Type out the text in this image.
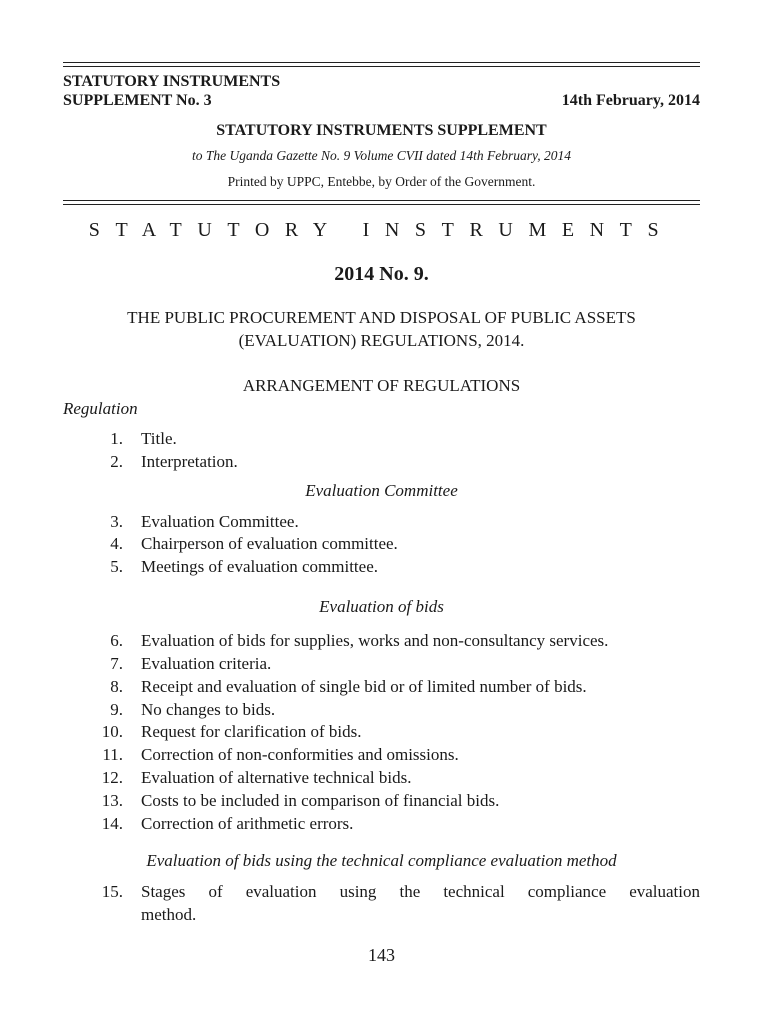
STATUTORY INSTRUMENTS
SUPPLEMENT No. 3	14th February, 2014
STATUTORY INSTRUMENTS SUPPLEMENT
to The Uganda Gazette No. 9 Volume CVII dated 14th February, 2014
Printed by UPPC, Entebbe, by Order of the Government.
STATUTORY INSTRUMENTS
2014 No. 9.
THE PUBLIC PROCUREMENT AND DISPOSAL OF PUBLIC ASSETS
(EVALUATION) REGULATIONS, 2014.
ARRANGEMENT OF REGULATIONS
Regulation
1. Title.
2. Interpretation.
Evaluation Committee
3. Evaluation Committee.
4. Chairperson of evaluation committee.
5. Meetings of evaluation committee.
Evaluation of bids
6. Evaluation of bids for supplies, works and non-consultancy services.
7. Evaluation criteria.
8. Receipt and evaluation of single bid or of limited number of bids.
9. No changes to bids.
10. Request for clarification of bids.
11. Correction of non-conformities and omissions.
12. Evaluation of alternative technical bids.
13. Costs to be included in comparison of financial bids.
14. Correction of arithmetic errors.
Evaluation of bids using the technical compliance evaluation method
15. Stages of evaluation using the technical compliance evaluation
method.
143
